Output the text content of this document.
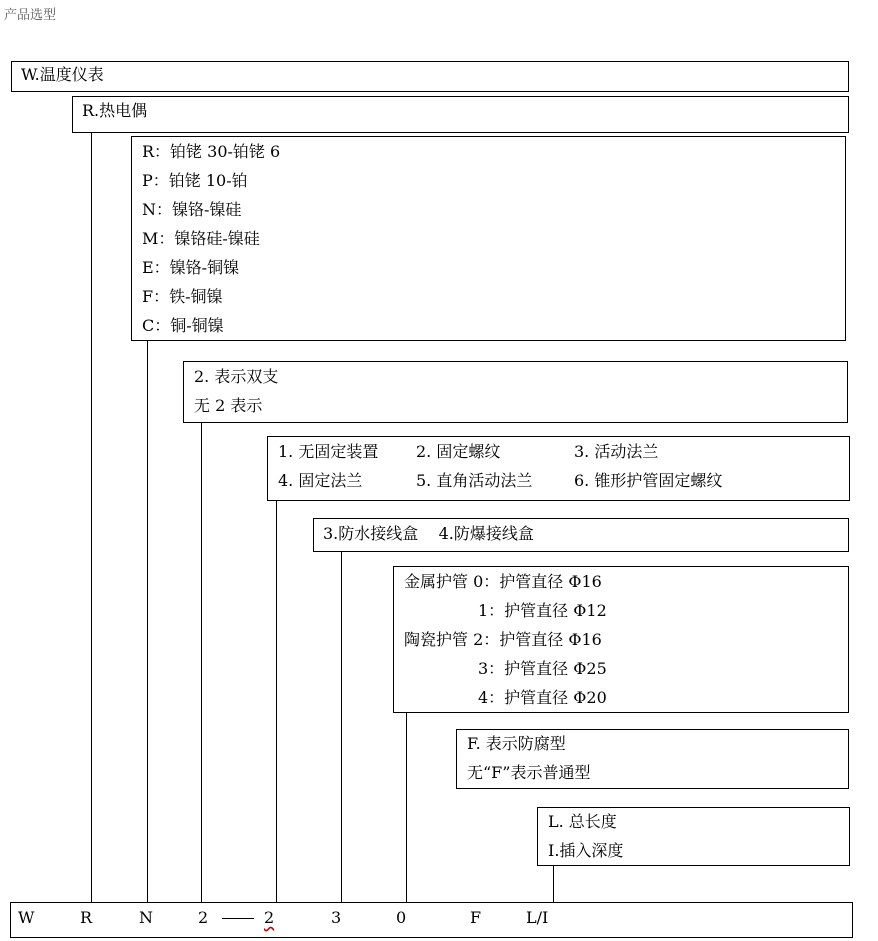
产品选型
W.温度仪表
R.热电偶
R：铂铑 30-铂铑 6
P：铂铑 10-铂
N：镍铬-镍硅
M：镍铬硅-镍硅
E：镍铬-铜镍
F：铁-铜镍
C：铜-铜镍
2. 表示双支
无 2 表示
1. 无固定装置 2. 固定螺纹	3. 活动法兰
4. 固定法兰	5. 直角活动法兰	6. 锥形护管固定螺纹
3.防水接线盒    4.防爆接线盒
金属护管 0：护管直径 Φ16
1：护管直径 Φ12
陶瓷护管 2：护管直径 Φ16
3：护管直径 Φ25
4：护管直径 Φ20
F. 表示防腐型
无“F”表示普通型
L. 总长度
I.插入深度
W	R	N	2	2	3	0	F	L/I
